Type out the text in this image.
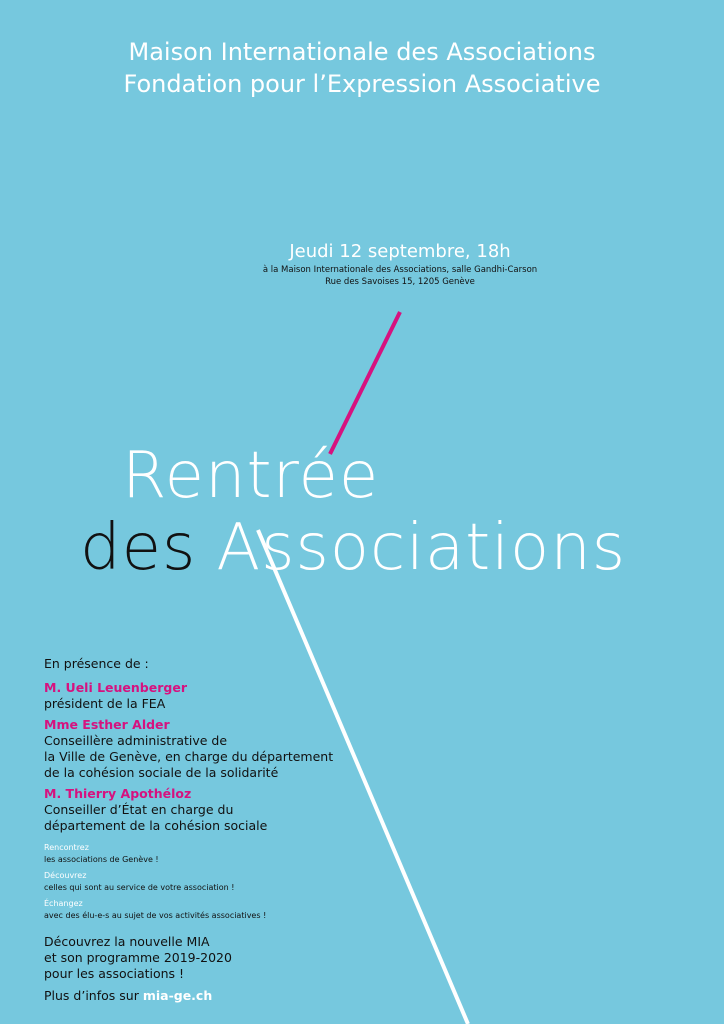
Maison Internationale des Associations
Fondation pour l’Expression Associative
Jeudi 12 septembre, 18h
à la Maison Internationale des Associations, salle Gandhi-Carson
Rue des Savoises 15, 1205 Genève
Rentrée
des Associations
En présence de :
M. Ueli Leuenberger
président de la FEA
Mme Esther Alder
Conseillère administrative de
la Ville de Genève, en charge du département
de la cohésion sociale de la solidarité
M. Thierry Apothéloz
Conseiller d’État en charge du
département de la cohésion sociale
Rencontrez
les associations de Genève !
Découvrez
celles qui sont au service de votre association !
Échangez
avec des élu-e-s au sujet de vos activités associatives !
Découvrez la nouvelle MIA
et son programme 2019-2020
pour les associations !
Plus d’infos sur mia-ge.ch
